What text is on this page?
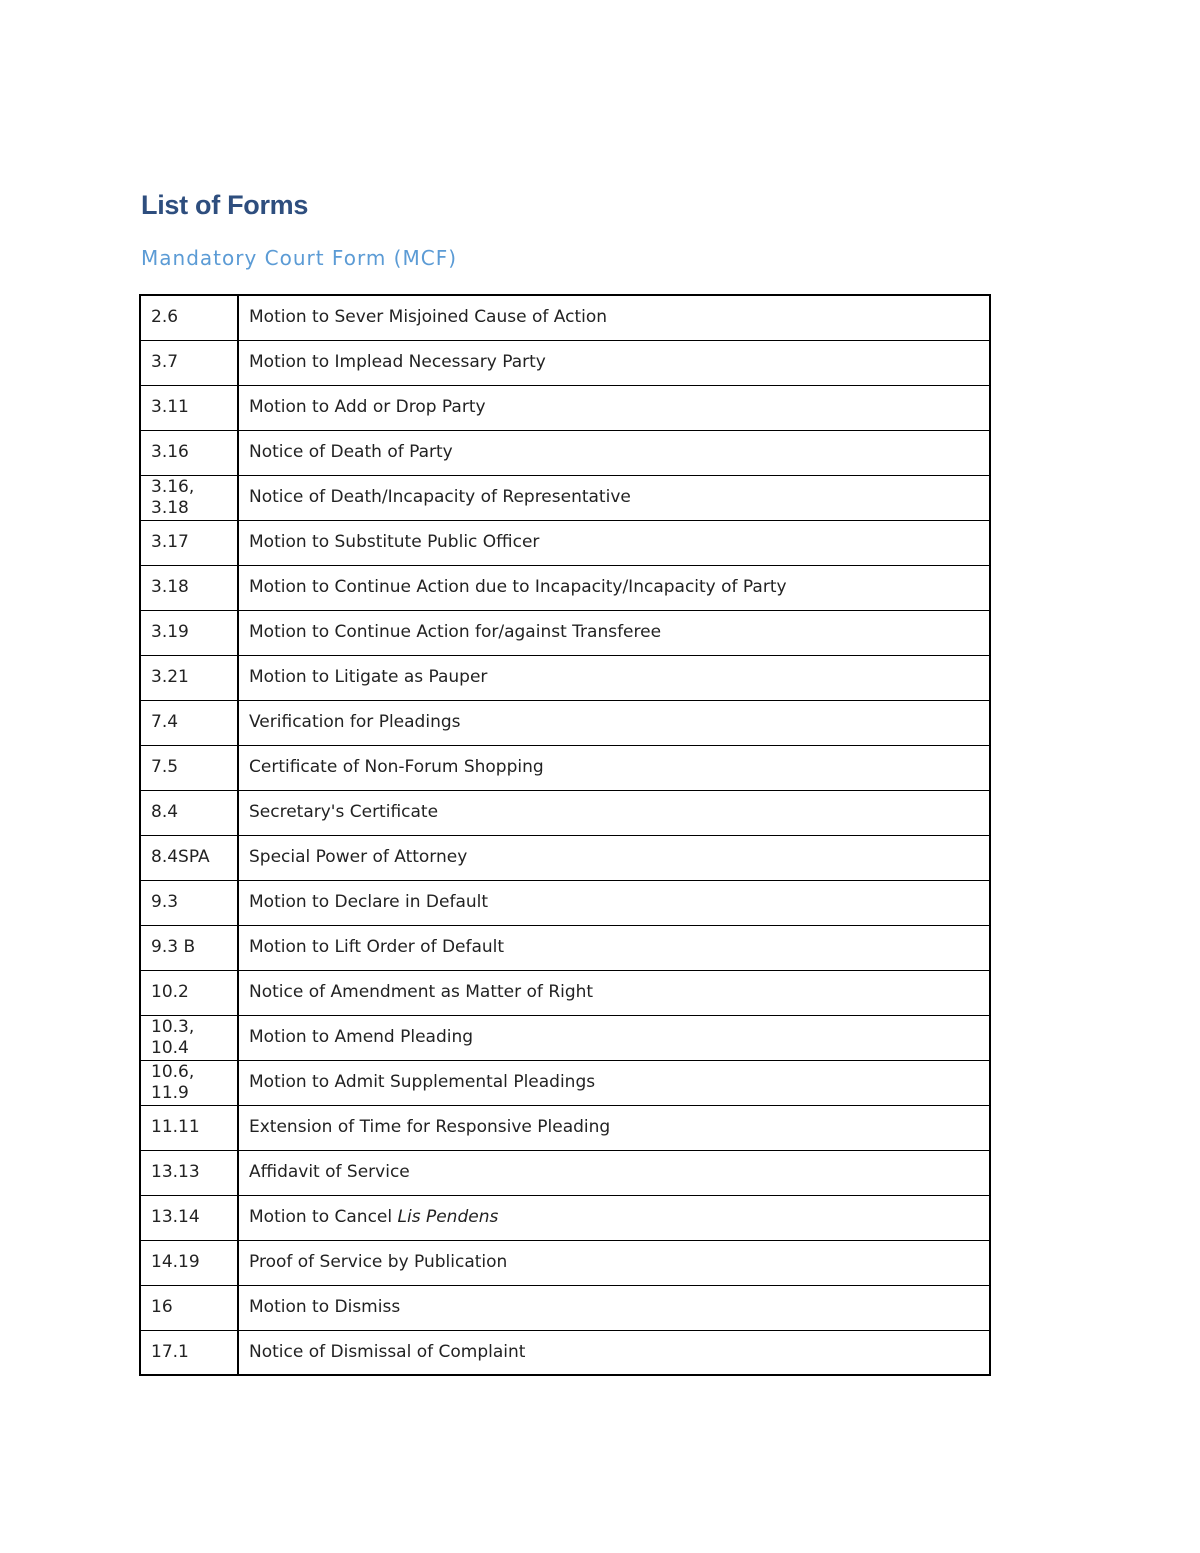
List of Forms
Mandatory Court Form (MCF)
2.6	Motion to Sever Misjoined Cause of Action
3.7	Motion to Implead Necessary Party
3.11	Motion to Add or Drop Party
3.16	Notice of Death of Party
3.16, 3.18	Notice of Death/Incapacity of Representative
3.17	Motion to Substitute Public Officer
3.18	Motion to Continue Action due to Incapacity/Incapacity of Party
3.19	Motion to Continue Action for/against Transferee
3.21	Motion to Litigate as Pauper
7.4	Verification for Pleadings
7.5	Certificate of Non-Forum Shopping
8.4	Secretary's Certificate
8.4SPA	Special Power of Attorney
9.3	Motion to Declare in Default
9.3 B	Motion to Lift Order of Default
10.2	Notice of Amendment as Matter of Right
10.3, 10.4	Motion to Amend Pleading
10.6, 11.9	Motion to Admit Supplemental Pleadings
11.11	Extension of Time for Responsive Pleading
13.13	Affidavit of Service
13.14	Motion to Cancel Lis Pendens
14.19	Proof of Service by Publication
16	Motion to Dismiss
17.1	Notice of Dismissal of Complaint
